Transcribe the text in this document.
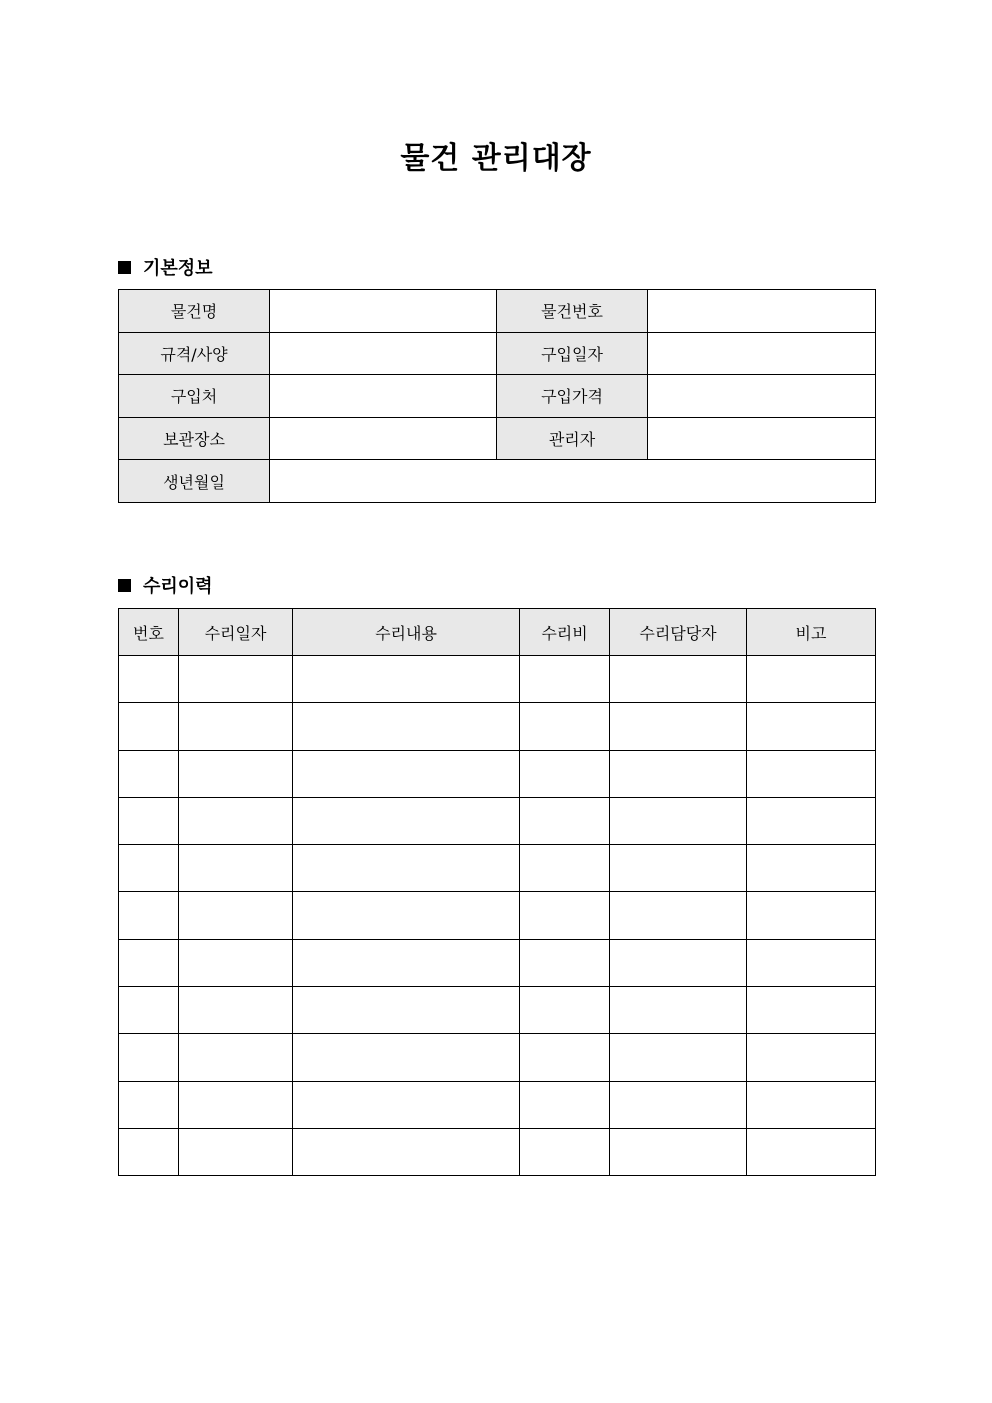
물건 관리대장
기본정보
물건명		물건번호	
규격/사양		구입일자	
구입처		구입가격	
보관장소		관리자	
생년월일			
수리이력
번호	수리일자	수리내용	수리비	수리담당자	비고
